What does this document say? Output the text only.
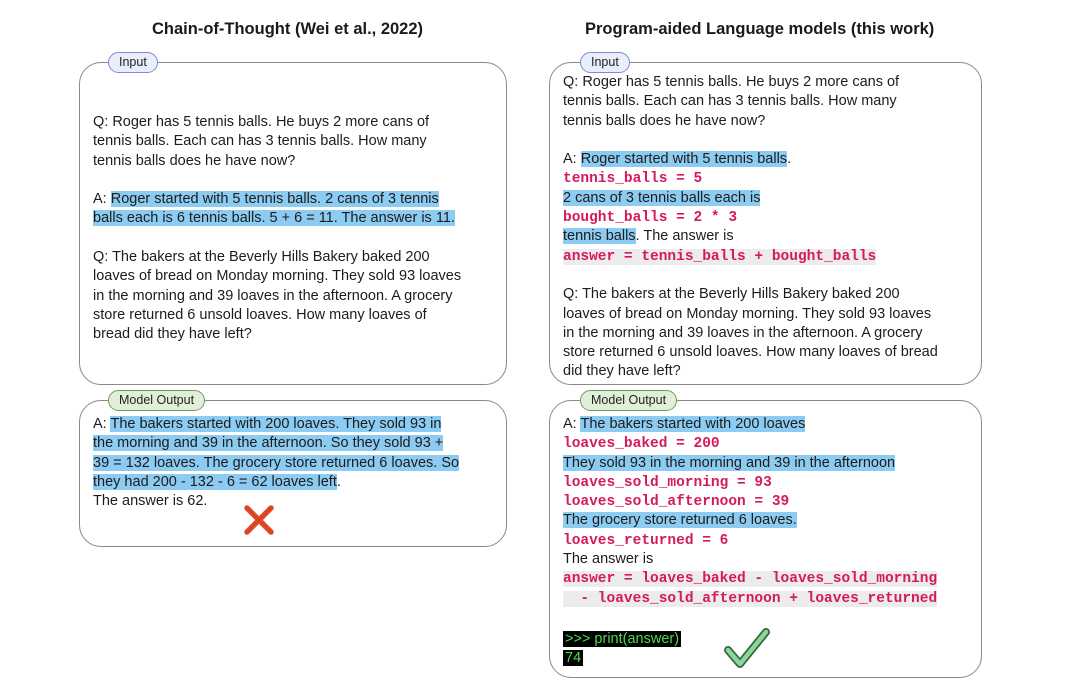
Chain-of-Thought (Wei et al., 2022)
Input
Q: Roger has 5 tennis balls. He buys 2 more cans of
tennis balls. Each can has 3 tennis balls. How many
tennis balls does he have now?
A: Roger started with 5 tennis balls. 2 cans of 3 tennis
balls each is 6 tennis balls. 5 + 6 = 11. The answer is 11.
Q: The bakers at the Beverly Hills Bakery baked 200
loaves of bread on Monday morning. They sold 93 loaves
in the morning and 39 loaves in the afternoon. A grocery
store returned 6 unsold loaves. How many loaves of
bread did they have left?
Model Output
A: The bakers started with 200 loaves. They sold 93 in
the morning and 39 in the afternoon. So they sold 93 +
39 = 132 loaves. The grocery store returned 6 loaves. So
they had 200 - 132 - 6 = 62 loaves left.
The answer is 62.
Program-aided Language models (this work)
Input
Q: Roger has 5 tennis balls. He buys 2 more cans of
tennis balls. Each can has 3 tennis balls. How many
tennis balls does he have now?
A: Roger started with 5 tennis balls.
tennis_balls = 5
2 cans of 3 tennis balls each is
bought_balls = 2 * 3
tennis balls. The answer is
answer = tennis_balls + bought_balls
Q: The bakers at the Beverly Hills Bakery baked 200
loaves of bread on Monday morning. They sold 93 loaves
in the morning and 39 loaves in the afternoon. A grocery
store returned 6 unsold loaves. How many loaves of bread
did they have left?
Model Output
A: The bakers started with 200 loaves
loaves_baked = 200
They sold 93 in the morning and 39 in the afternoon
loaves_sold_morning = 93
loaves_sold_afternoon = 39
The grocery store returned 6 loaves.
loaves_returned = 6
The answer is
answer = loaves_baked - loaves_sold_morning
- loaves_sold_afternoon + loaves_returned
>>> print(answer)
74
